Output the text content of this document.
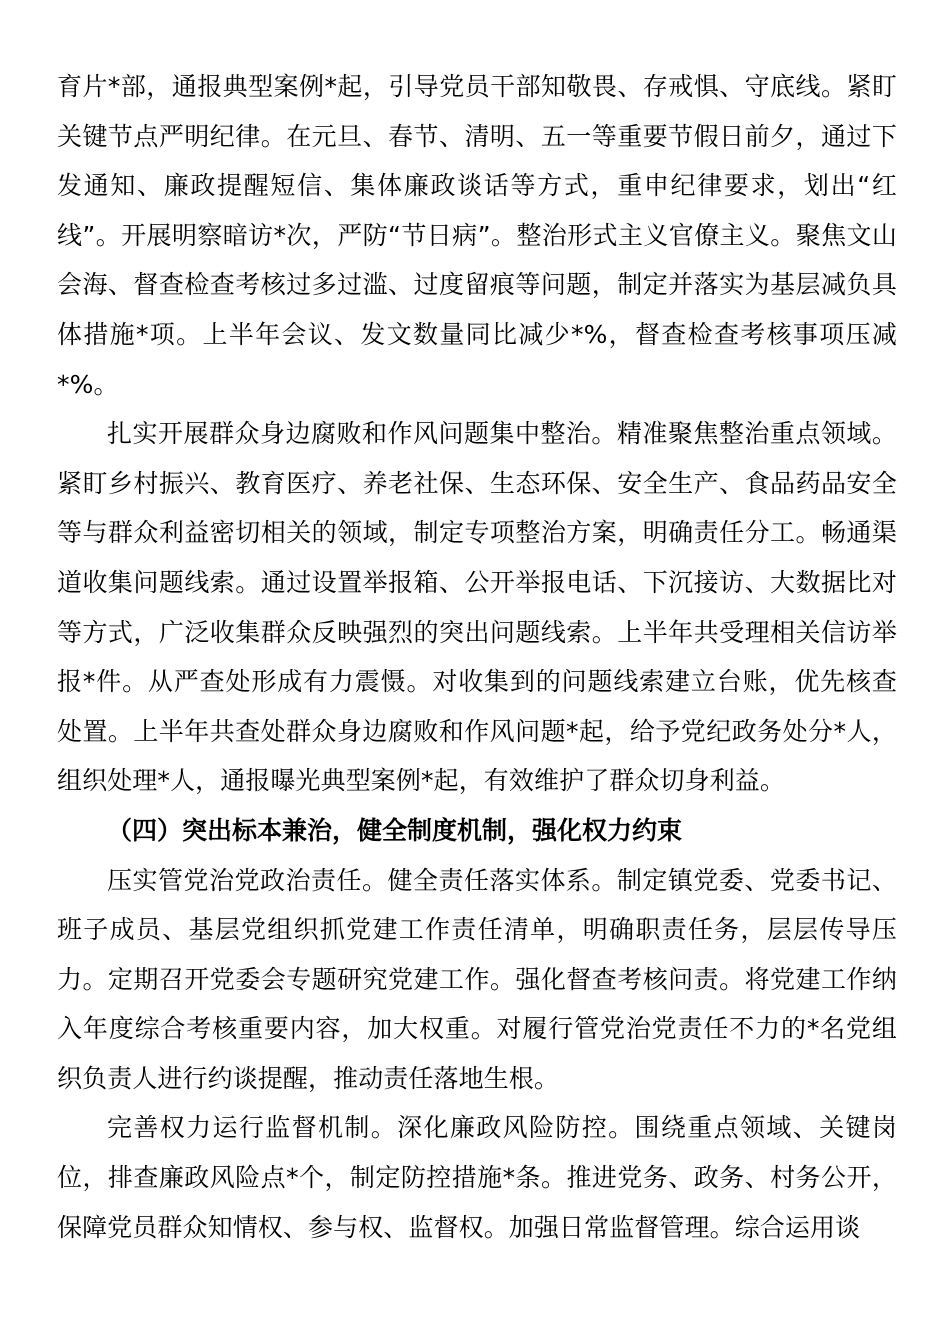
育片*部，通报典型案例*起，引导党员干部知敬畏、存戒惧、守底线。紧盯关键节点严明纪律。在元旦、春节、清明、五一等重要节假日前夕，通过下发通知、廉政提醒短信、集体廉政谈话等方式，重申纪律要求，划出“红线”。开展明察暗访*次，严防“节日病”。整治形式主义官僚主义。聚焦文山会海、督查检查考核过多过滥、过度留痕等问题，制定并落实为基层减负具体措施*项。上半年会议、发文数量同比减少*%，督查检查考核事项压减*%。

扎实开展群众身边腐败和作风问题集中整治。精准聚焦整治重点领域。紧盯乡村振兴、教育医疗、养老社保、生态环保、安全生产、食品药品安全等与群众利益密切相关的领域，制定专项整治方案，明确责任分工。畅通渠道收集问题线索。通过设置举报箱、公开举报电话、下沉接访、大数据比对等方式，广泛收集群众反映强烈的突出问题线索。上半年共受理相关信访举报*件。从严查处形成有力震慑。对收集到的问题线索建立台账，优先核查处置。上半年共查处群众身边腐败和作风问题*起，给予党纪政务处分*人，组织处理*人，通报曝光典型案例*起，有效维护了群众切身利益。

（四）突出标本兼治，健全制度机制，强化权力约束

压实管党治党政治责任。健全责任落实体系。制定镇党委、党委书记、班子成员、基层党组织抓党建工作责任清单，明确职责任务，层层传导压力。定期召开党委会专题研究党建工作。强化督查考核问责。将党建工作纳入年度综合考核重要内容，加大权重。对履行管党治党责任不力的*名党组织负责人进行约谈提醒，推动责任落地生根。

完善权力运行监督机制。深化廉政风险防控。围绕重点领域、关键岗位，排查廉政风险点*个，制定防控措施*条。推进党务、政务、村务公开，保障党员群众知情权、参与权、监督权。加强日常监督管理。综合运用谈
